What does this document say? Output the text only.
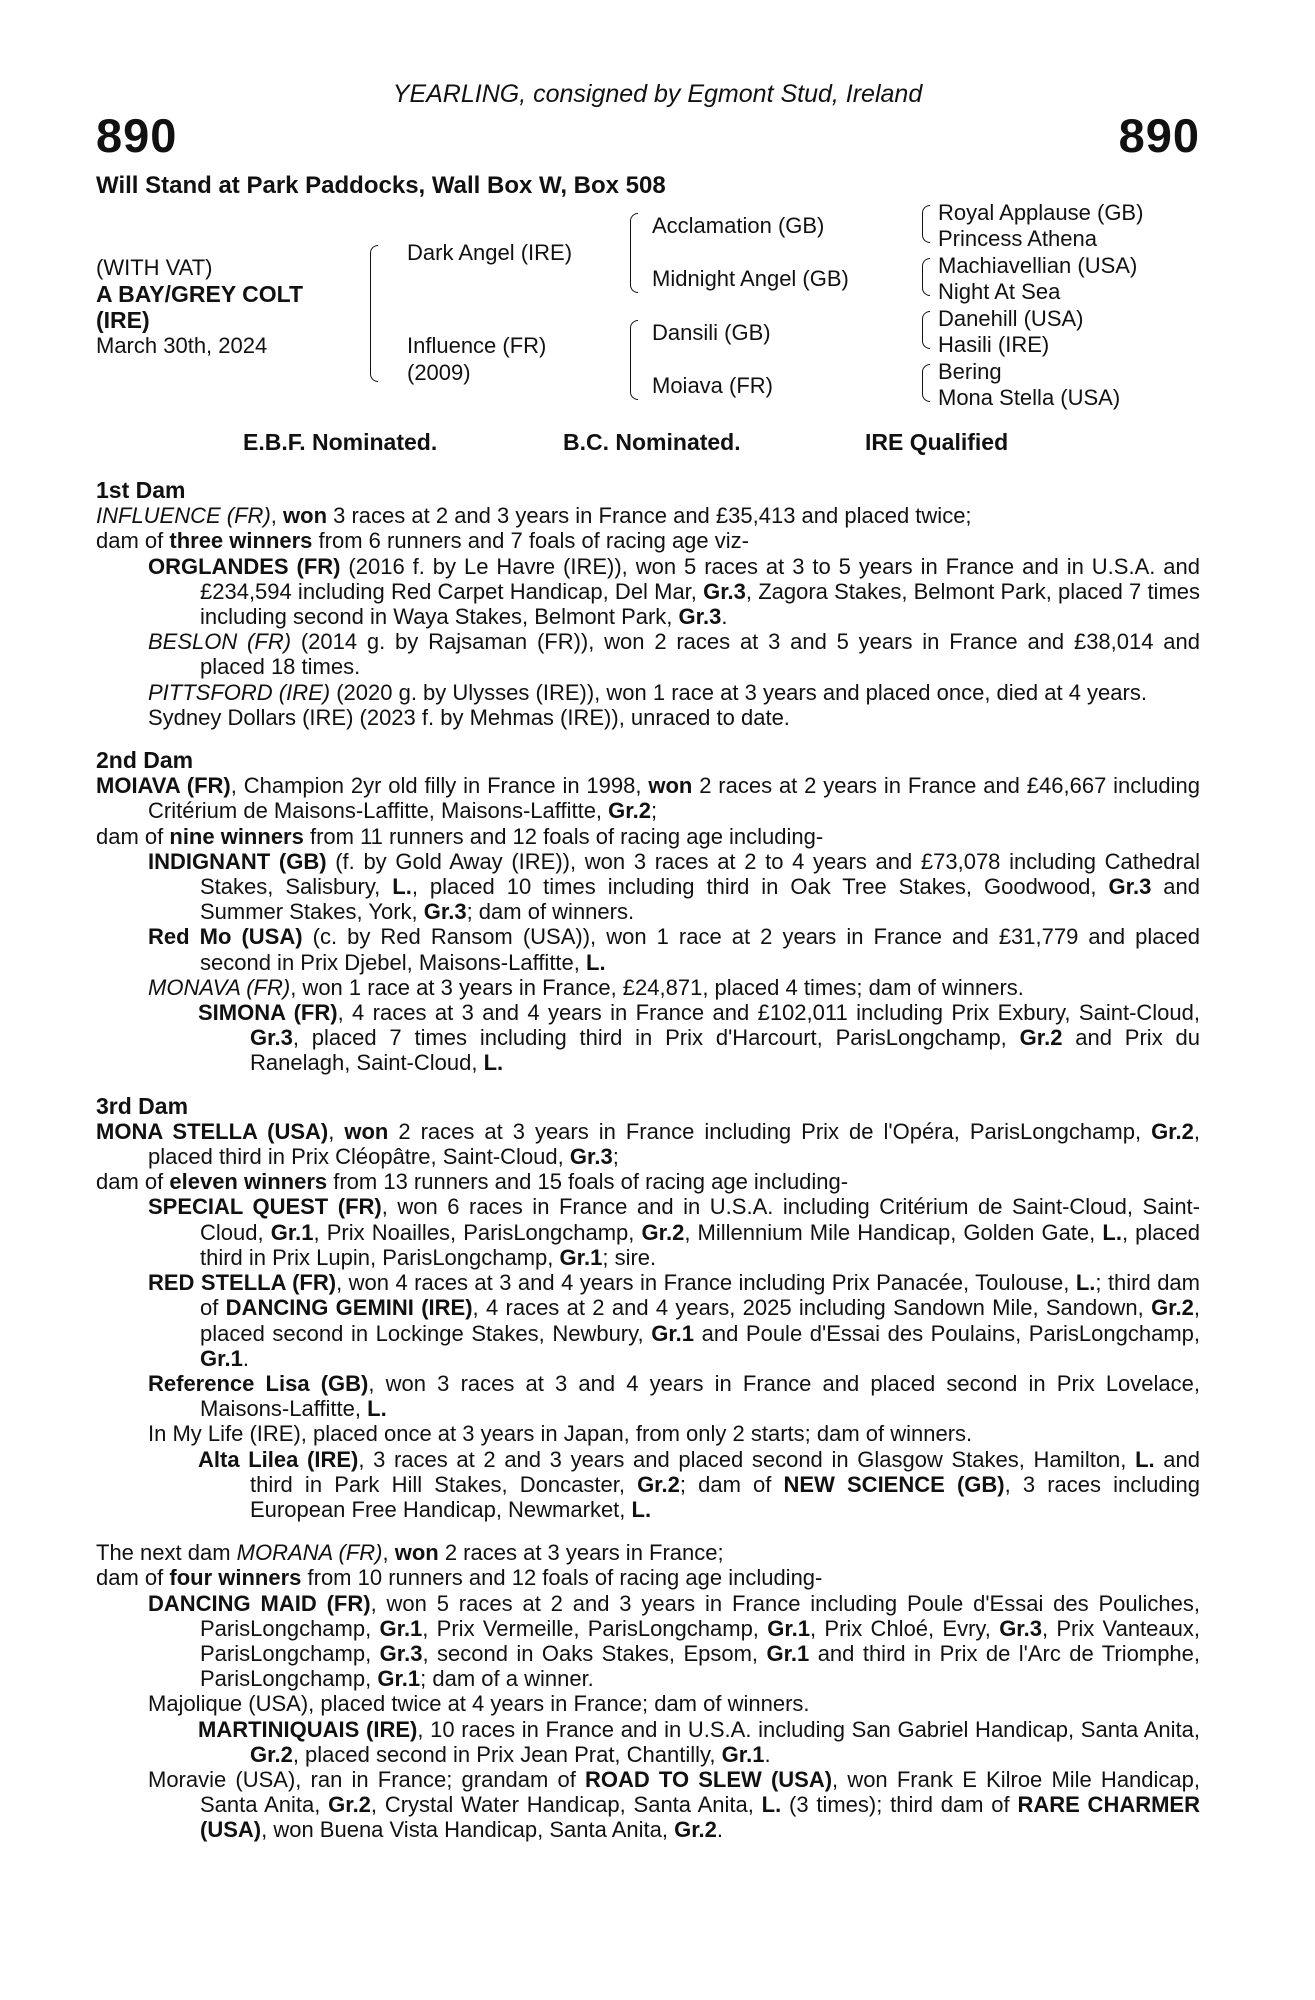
890	890
YEARLING, consigned by Egmont Stud, Ireland
Will Stand at Park Paddocks, Wall Box W, Box 508
(WITH VAT)
A BAY/GREY COLT
(IRE)
March 30th, 2024
Dark Angel (IRE)
Influence (FR)
(2009)
Acclamation (GB)
Midnight Angel (GB)
Dansili (GB)
Moiava (FR)
Royal Applause (GB)
Princess Athena
Machiavellian (USA)
Night At Sea
Danehill (USA)
Hasili (IRE)
Bering
Mona Stella (USA)
E.B.F. Nominated.	B.C. Nominated.	IRE Qualified
1st Dam
INFLUENCE (FR), won 3 races at 2 and 3 years in France and £35,413 and placed twice;
dam of three winners from 6 runners and 7 foals of racing age viz-
ORGLANDES (FR) (2016 f. by Le Havre (IRE)), won 5 races at 3 to 5 years in France and in U.S.A. and £234,594 including Red Carpet Handicap, Del Mar, Gr.3, Zagora Stakes, Belmont Park, placed 7 times including second in Waya Stakes, Belmont Park, Gr.3.
BESLON (FR) (2014 g. by Rajsaman (FR)), won 2 races at 3 and 5 years in France and £38,014 and placed 18 times.
PITTSFORD (IRE) (2020 g. by Ulysses (IRE)), won 1 race at 3 years and placed once, died at 4 years.
Sydney Dollars (IRE) (2023 f. by Mehmas (IRE)), unraced to date.
2nd Dam
MOIAVA (FR), Champion 2yr old filly in France in 1998, won 2 races at 2 years in France and £46,667 including Critérium de Maisons-Laffitte, Maisons-Laffitte, Gr.2;
dam of nine winners from 11 runners and 12 foals of racing age including-
INDIGNANT (GB) (f. by Gold Away (IRE)), won 3 races at 2 to 4 years and £73,078 including Cathedral Stakes, Salisbury, L., placed 10 times including third in Oak Tree Stakes, Goodwood, Gr.3 and Summer Stakes, York, Gr.3; dam of winners.
Red Mo (USA) (c. by Red Ransom (USA)), won 1 race at 2 years in France and £31,779 and placed second in Prix Djebel, Maisons-Laffitte, L.
MONAVA (FR), won 1 race at 3 years in France, £24,871, placed 4 times; dam of winners.
SIMONA (FR), 4 races at 3 and 4 years in France and £102,011 including Prix Exbury, Saint-Cloud, Gr.3, placed 7 times including third in Prix d'Harcourt, ParisLongchamp, Gr.2 and Prix du Ranelagh, Saint-Cloud, L.
3rd Dam
MONA STELLA (USA), won 2 races at 3 years in France including Prix de l'Opéra, ParisLongchamp, Gr.2, placed third in Prix Cléopâtre, Saint-Cloud, Gr.3;
dam of eleven winners from 13 runners and 15 foals of racing age including-
SPECIAL QUEST (FR), won 6 races in France and in U.S.A. including Critérium de Saint-Cloud, Saint-Cloud, Gr.1, Prix Noailles, ParisLongchamp, Gr.2, Millennium Mile Handicap, Golden Gate, L., placed third in Prix Lupin, ParisLongchamp, Gr.1; sire.
RED STELLA (FR), won 4 races at 3 and 4 years in France including Prix Panacée, Toulouse, L.; third dam of DANCING GEMINI (IRE), 4 races at 2 and 4 years, 2025 including Sandown Mile, Sandown, Gr.2, placed second in Lockinge Stakes, Newbury, Gr.1 and Poule d'Essai des Poulains, ParisLongchamp, Gr.1.
Reference Lisa (GB), won 3 races at 3 and 4 years in France and placed second in Prix Lovelace, Maisons-Laffitte, L.
In My Life (IRE), placed once at 3 years in Japan, from only 2 starts; dam of winners.
Alta Lilea (IRE), 3 races at 2 and 3 years and placed second in Glasgow Stakes, Hamilton, L. and third in Park Hill Stakes, Doncaster, Gr.2; dam of NEW SCIENCE (GB), 3 races including European Free Handicap, Newmarket, L.
The next dam MORANA (FR), won 2 races at 3 years in France;
dam of four winners from 10 runners and 12 foals of racing age including-
DANCING MAID (FR), won 5 races at 2 and 3 years in France including Poule d'Essai des Pouliches, ParisLongchamp, Gr.1, Prix Vermeille, ParisLongchamp, Gr.1, Prix Chloé, Evry, Gr.3, Prix Vanteaux, ParisLongchamp, Gr.3, second in Oaks Stakes, Epsom, Gr.1 and third in Prix de l'Arc de Triomphe, ParisLongchamp, Gr.1; dam of a winner.
Majolique (USA), placed twice at 4 years in France; dam of winners.
MARTINIQUAIS (IRE), 10 races in France and in U.S.A. including San Gabriel Handicap, Santa Anita, Gr.2, placed second in Prix Jean Prat, Chantilly, Gr.1.
Moravie (USA), ran in France; grandam of ROAD TO SLEW (USA), won Frank E Kilroe Mile Handicap, Santa Anita, Gr.2, Crystal Water Handicap, Santa Anita, L. (3 times); third dam of RARE CHARMER (USA), won Buena Vista Handicap, Santa Anita, Gr.2.
